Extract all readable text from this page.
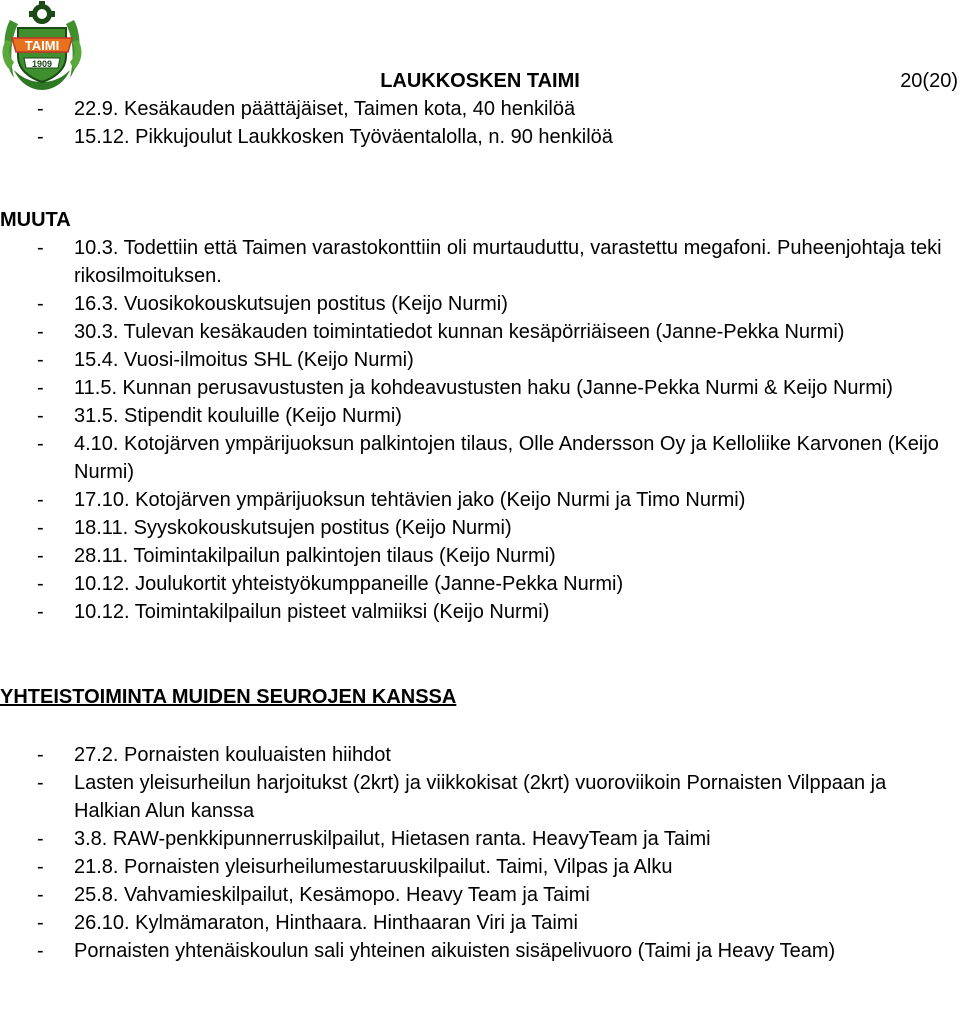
TAIMI
1909
LAUKKOSKEN TAIMI	20(20)
- 22.9. Kesäkauden päättäjäiset, Taimen kota, 40 henkilöä
- 15.12. Pikkujoulut Laukkosken Työväentalolla, n. 90 henkilöä
MUUTA
- 10.3. Todettiin että Taimen varastokonttiin oli murtauduttu, varastettu megafoni. Puheenjohtaja teki rikosilmoituksen.
- 16.3. Vuosikokouskutsujen postitus (Keijo Nurmi)
- 30.3. Tulevan kesäkauden toimintatiedot kunnan kesäpörriäiseen (Janne-Pekka Nurmi)
- 15.4. Vuosi-ilmoitus SHL (Keijo Nurmi)
- 11.5. Kunnan perusavustusten ja kohdeavustusten haku (Janne-Pekka Nurmi & Keijo Nurmi)
- 31.5. Stipendit kouluille (Keijo Nurmi)
- 4.10. Kotojärven ympärijuoksun palkintojen tilaus, Olle Andersson Oy ja Kelloliike Karvonen (Keijo Nurmi)
- 17.10. Kotojärven ympärijuoksun tehtävien jako (Keijo Nurmi ja Timo Nurmi)
- 18.11. Syyskokouskutsujen postitus (Keijo Nurmi)
- 28.11. Toimintakilpailun palkintojen tilaus (Keijo Nurmi)
- 10.12. Joulukortit yhteistyökumppaneille (Janne-Pekka Nurmi)
- 10.12. Toimintakilpailun pisteet valmiiksi (Keijo Nurmi)
YHTEISTOIMINTA MUIDEN SEUROJEN KANSSA
- 27.2. Pornaisten kouluaisten hiihdot
- Lasten yleisurheilun harjoitukst (2krt) ja viikkokisat (2krt) vuoroviikoin Pornaisten Vilppaan ja Halkian Alun kanssa
- 3.8. RAW-penkkipunnerruskilpailut, Hietasen ranta. HeavyTeam ja Taimi
- 21.8. Pornaisten yleisurheilumestaruuskilpailut. Taimi, Vilpas ja Alku
- 25.8. Vahvamieskilpailut, Kesämopo. Heavy Team ja Taimi
- 26.10. Kylmämaraton, Hinthaara. Hinthaaran Viri ja Taimi
- Pornaisten yhtenäiskoulun sali yhteinen aikuisten sisäpelivuoro (Taimi ja Heavy Team)
